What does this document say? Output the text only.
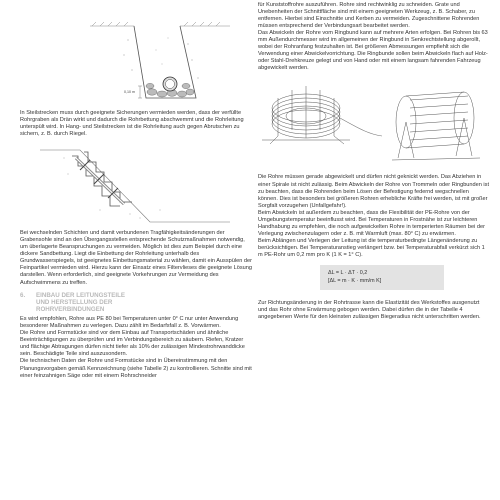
0,10 m

In Steilstrecken muss durch geeignete Sicherungen vermieden werden, dass der verfüllte Rohrgraben als Drän wirkt und dadurch die Rohrbettung abschwemmt und die Rohrleitung unterspült wird. In Hang- und Steilstrecken ist die Rohrleitung auch gegen Abrutschen zu sichern, z. B. durch Riegel.

Bei wechselnden Schichten und damit verbundenen Tragfähigkeitsänderungen der Grabensohle sind an den Übergangsstellen entsprechende Schutzmaßnahmen notwendig, um überlagerte Beanspruchungen zu vermeiden. Möglich ist dies zum Beispiel durch eine dickere Sandbettung. Liegt die Einbettung der Rohrleitung unterhalb des Grundwasserspiegels, ist geeignetes Einbettungsmaterial zu wählen, damit ein Ausspülen der Feinpartikel vermieden wird. Hierzu kann der Einsatz eines Filtervlieses die geeignete Lösung darstellen. Wenn erforderlich, sind geeignete Vorkehrungen zur Vermeidung des Aufschwimmens zu treffen.

6. EINBAU DER LEITUNGSTEILE
UND HERSTELLUNG DER
ROHRVERBINDUNGEN

Es wird empfohlen, Rohre aus PE 80 bei Temperaturen unter 0° C nur unter Anwendung besonderer Maßnahmen zu verlegen. Dazu zählt im Bedarfsfall z. B. Vorwärmen.

Die Rohre und Formstücke sind vor dem Einbau auf Transportschäden und ähnliche Beeinträchtigungen zu überprüfen und im Verbindungsbereich zu säubern. Riefen, Kratzer und flächige Abtragungen dürfen nicht tiefer als 10% der zulässigen Mindestrohrwanddicke sein. Beschädigte Teile sind auszusondern.

Die technischen Daten der Rohre und Formstücke sind in Übereinstimmung mit den Planungsvorgaben gemäß Kennzeichnung (siehe Tabelle 2) zu kontrollieren. Schnitte sind mit einer feinzahnigen Säge oder mit einem Rohrschneider

für Kunststoffrohre auszuführen. Rohre sind rechtwinklig zu schneiden. Grate und Unebenheiten der Schnittfläche sind mit einem geeigneten Werkzeug, z. B. Schaber, zu entfernen. Hierbei sind Einschnitte und Kerben zu vermeiden. Zugeschnittene Rohrenden müssen entsprechend der Verbindungsart bearbeitet werden.

Das Abwickeln der Rohre vom Ringbund kann auf mehrere Arten erfolgen. Bei Rohren bis 63 mm Außendurchmesser wird im allgemeinen der Ringbund in Senkrechtstellung abgerollt, wobei der Rohranfang festzuhalten ist. Bei größeren Abmessungen empfiehlt sich die Verwendung einer Abwickelvorrichtung. Die Ringbunde sollen beim Abwickeln flach auf Holz- oder Stahl-Drehkreuze gelegt und von Hand oder mit einem langsam fahrenden Fahrzeug abgewickelt werden.

Die Rohre müssen gerade abgewickelt und dürfen nicht geknickt werden. Das Abziehen in einer Spirale ist nicht zulässig. Beim Abwickeln der Rohre von Trommeln oder Ringbunden ist zu beachten, dass die Rohrenden beim Lösen der Befestigung federnd wegschnellen können. Dies ist besonders bei größeren Rohren erhebliche Kräfte frei werden, ist mit großer Sorgfalt vorzugehen (Unfallgefahr!).

Beim Abwickeln ist außerdem zu beachten, dass die Flexibilität der PE-Rohre von der Umgebungstemperatur beeinflusst wird. Bei Temperaturen in Frostnähe ist zur leichteren Handhabung zu empfehlen, die noch aufgewickelten Rohre in temperierten Räumen bei der Verlegung zwischenzulagern oder z. B. mit Warmluft (max. 80° C) zu erwärmen.

Beim Ablängen und Verlegen der Leitung ist die temperaturbedingte Längenänderung zu berücksichtigen. Bei Temperaturanstieg verlängert bzw. bei Temperaturabfall verkürzt sich 1 m PE-Rohr um 0,2 mm pro K (1 K = 1° C).

ΔL = L · ΔT · 0,2
[ΔL = m · K · mm/m K]

Zur Richtungsänderung in der Rohrtrasse kann die Elastizität des Werkstoffes ausgenutzt und das Rohr ohne Erwärmung gebogen werden. Dabei dürfen die in der Tabelle 4 angegebenen Werte für den kleinsten zulässigen Biegeradius nicht unterschritten werden.
